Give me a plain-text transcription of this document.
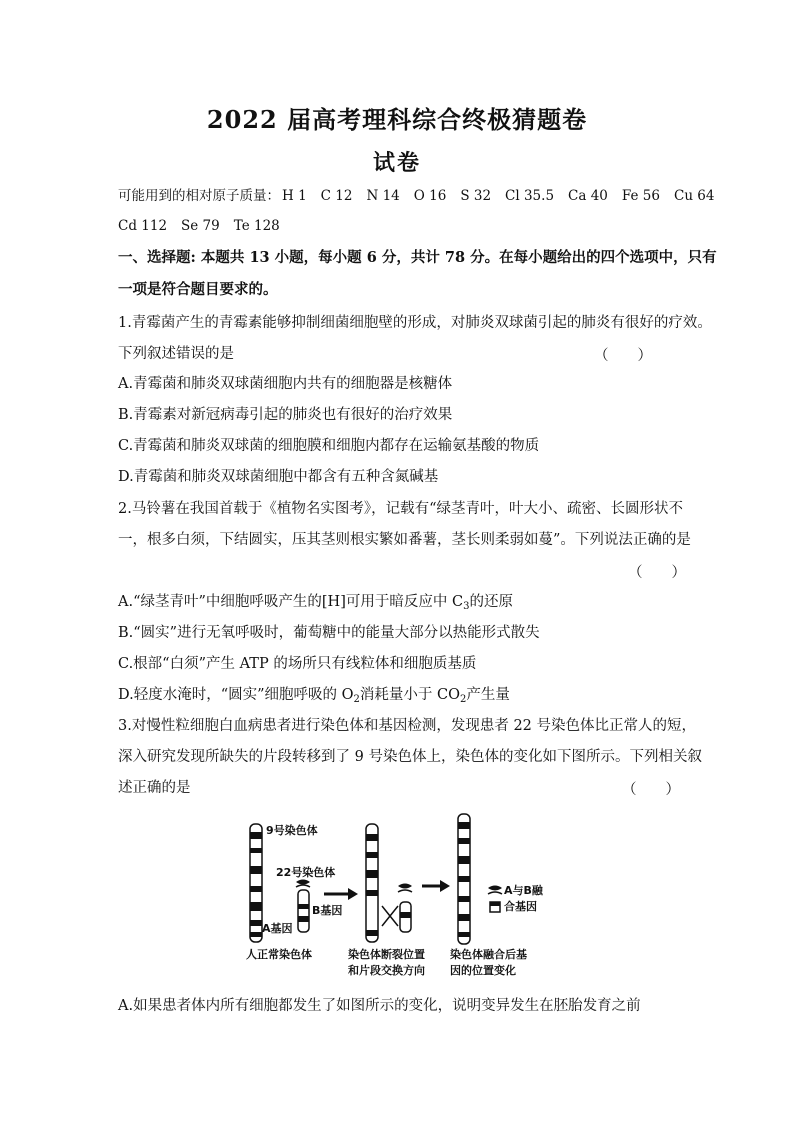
2022 届高考理科综合终极猜题卷
试卷
可能用到的相对原子质量： H 1 C 12 N 14 O 16 S 32 Cl 35.5 Ca 40 Fe 56 Cu 64
Cd 112 Se 79 Te 128
一、选择题: 本题共 13 小题，每小题 6 分，共计 78 分。在每小题给出的四个选项中，只有
一项是符合题目要求的。
1.青霉菌产生的青霉素能够抑制细菌细胞壁的形成，对肺炎双球菌引起的肺炎有很好的疗效。
下列叙述错误的是	（　　）
A.青霉菌和肺炎双球菌细胞内共有的细胞器是核糖体
B.青霉素对新冠病毒引起的肺炎也有很好的治疗效果
C.青霉菌和肺炎双球菌的细胞膜和细胞内都存在运输氨基酸的物质
D.青霉菌和肺炎双球菌细胞中都含有五种含氮碱基
2.马铃薯在我国首载于《植物名实图考》，记载有“绿茎青叶，叶大小、疏密、长圆形状不
一，根多白须，下结圆实，压其茎则根实繁如番薯，茎长则柔弱如蔓”。下列说法正确的是
（　　）
A.“绿茎青叶”中细胞呼吸产生的[H]可用于暗反应中 $C_3$的还原
B.“圆实”进行无氧呼吸时，葡萄糖中的能量大部分以热能形式散失
C.根部“白须”产生 ATP 的场所只有线粒体和细胞质基质
D.轻度水淹时，“圆实”细胞呼吸的 $O_2$消耗量小于 $CO_2$产生量
3.对慢性粒细胞白血病患者进行染色体和基因检测，发现患者 22 号染色体比正常人的短，
深入研究发现所缺失的片段转移到了 9 号染色体上，染色体的变化如下图所示。下列相关叙
述正确的是	（　　）
9号染色体
22号染色体
B基因
A基因
A与B融
合基因
人正常染色体	染色体断裂位置
和片段交换方向
染色体融合后基
因的位置变化
A.如果患者体内所有细胞都发生了如图所示的变化，说明变异发生在胚胎发育之前
